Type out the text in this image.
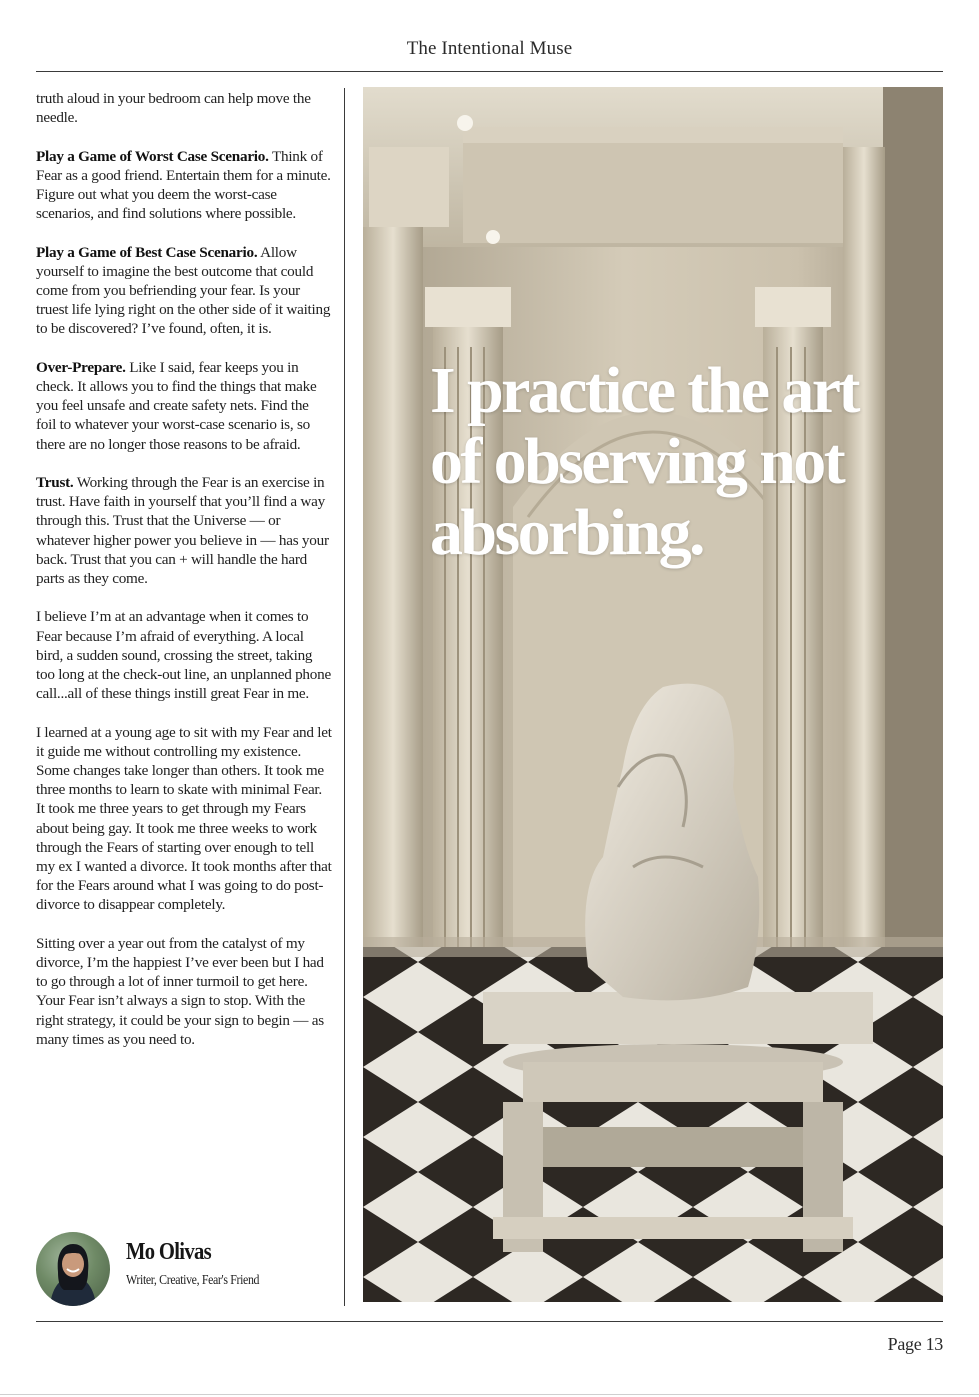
The Intentional Muse

truth aloud in your bedroom can help move the needle.

Play a Game of Worst Case Scenario. Think of Fear as a good friend. Entertain them for a minute. Figure out what you deem the worst-case scenarios, and find solutions where possible.

Play a Game of Best Case Scenario. Allow yourself to imagine the best outcome that could come from you befriending your fear. Is your truest life lying right on the other side of it waiting to be discovered? I’ve found, often, it is.

Over-Prepare. Like I said, fear keeps you in check. It allows you to find the things that make you feel unsafe and create safety nets. Find the foil to whatever your worst-case scenario is, so there are no longer those reasons to be afraid.

Trust. Working through the Fear is an exercise in trust. Have faith in yourself that you’ll find a way through this. Trust that the Universe — or whatever higher power you believe in — has your back. Trust that you can + will handle the hard parts as they come.

I believe I’m at an advantage when it comes to Fear because I’m afraid of everything. A local bird, a sudden sound, crossing the street, taking too long at the check-out line, an unplanned phone call...all of these things instill great Fear in me.

I learned at a young age to sit with my Fear and let it guide me without controlling my existence. Some changes take longer than others. It took me three months to learn to skate with minimal Fear. It took me three years to get through my Fears about being gay. It took me three weeks to work through the Fears of starting over enough to tell my ex I wanted a divorce. It took months after that for the Fears around what I was going to do post-divorce to disappear completely.

Sitting over a year out from the catalyst of my divorce, I’m the happiest I’ve ever been but I had to go through a lot of inner turmoil to get here. Your Fear isn’t always a sign to stop. With the right strategy, it could be your sign to begin — as many times as you need to.

Mo Olivas
Writer, Creative, Fear's Friend
I practice the art of observing not absorbing.
Page 13
